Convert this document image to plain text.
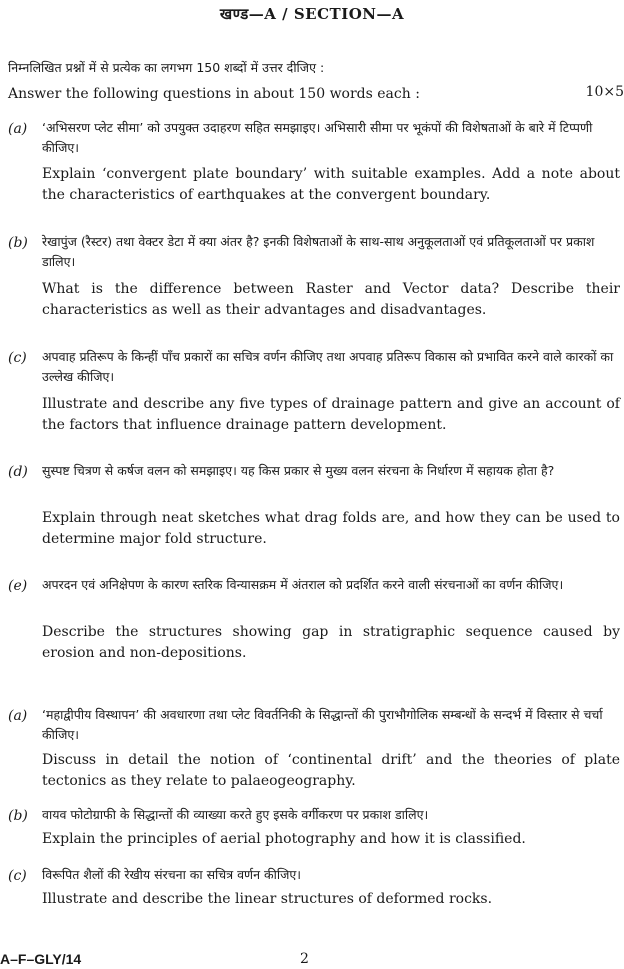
खण्ड—A / SECTION—A
निम्नलिखित प्रश्नों में से प्रत्येक का लगभग 150 शब्दों में उत्तर दीजिए :
Answer the following questions in about 150 words each :	10×5
(a) ‘अभिसरण प्लेट सीमा’ को उपयुक्त उदाहरण सहित समझाइए। अभिसारी सीमा पर भूकंपों की विशेषताओं के बारे में टिप्पणी कीजिए।
Explain ‘convergent plate boundary’ with suitable examples. Add a note about the characteristics of earthquakes at the convergent boundary.
(b) रेखापुंज (रैस्टर) तथा वेक्टर डेटा में क्या अंतर है? इनकी विशेषताओं के साथ-साथ अनुकूलताओं एवं प्रतिकूलताओं पर प्रकाश डालिए।
What is the difference between Raster and Vector data? Describe their characteristics as well as their advantages and disadvantages.
(c) अपवाह प्रतिरूप के किन्हीं पाँच प्रकारों का सचित्र वर्णन कीजिए तथा अपवाह प्रतिरूप विकास को प्रभावित करने वाले कारकों का उल्लेख कीजिए।
Illustrate and describe any five types of drainage pattern and give an account of the factors that influence drainage pattern development.
(d) सुस्पष्ट चित्रण से कर्षज वलन को समझाइए। यह किस प्रकार से मुख्य वलन संरचना के निर्धारण में सहायक होता है?
Explain through neat sketches what drag folds are, and how they can be used to determine major fold structure.
(e) अपरदन एवं अनिक्षेपण के कारण स्तरिक विन्यासक्रम में अंतराल को प्रदर्शित करने वाली संरचनाओं का वर्णन कीजिए।
Describe the structures showing gap in stratigraphic sequence caused by erosion and non-depositions.
(a) ‘महाद्वीपीय विस्थापन’ की अवधारणा तथा प्लेट विवर्तनिकी के सिद्धान्तों की पुराभौगोलिक सम्बन्धों के सन्दर्भ में विस्तार से चर्चा कीजिए।
Discuss in detail the notion of ‘continental drift’ and the theories of plate tectonics as they relate to palaeogeography.
(b) वायव फोटोग्राफी के सिद्धान्तों की व्याख्या करते हुए इसके वर्गीकरण पर प्रकाश डालिए।
Explain the principles of aerial photography and how it is classified.
(c) विरूपित शैलों की रेखीय संरचना का सचित्र वर्णन कीजिए।
Illustrate and describe the linear structures of deformed rocks.
A–F–GLY/14	2
